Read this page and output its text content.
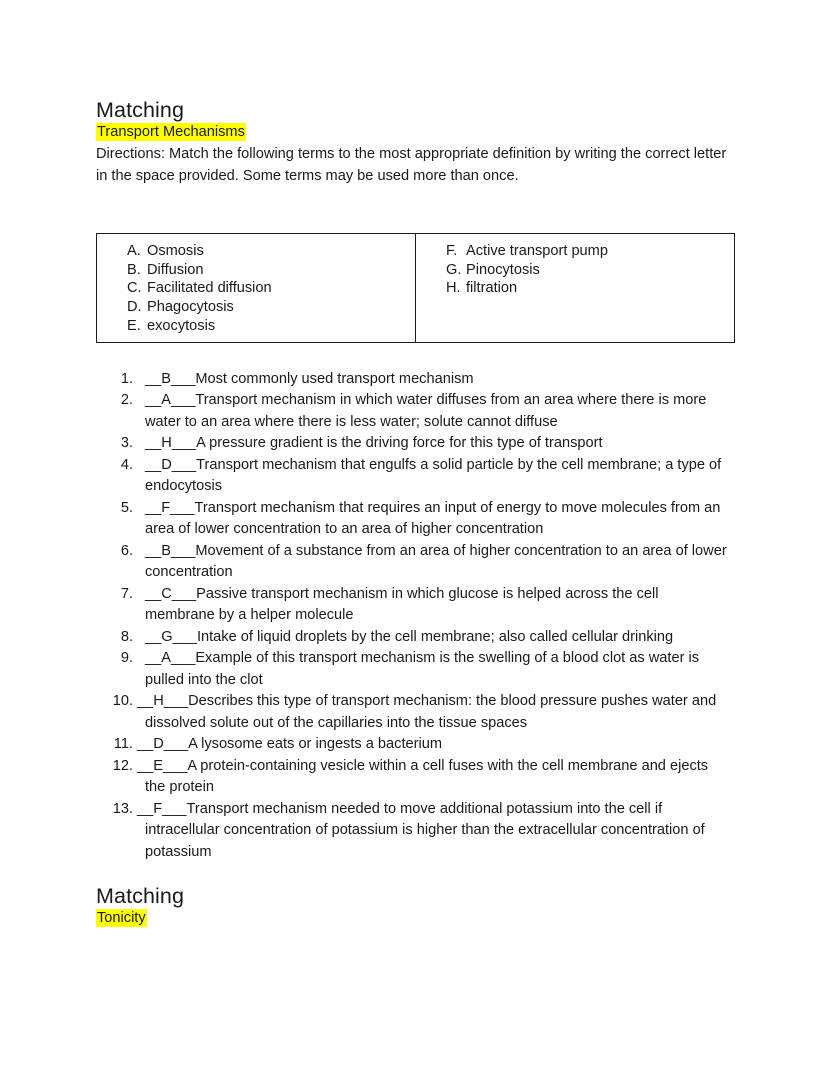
Matching

Transport Mechanisms

Directions: Match the following terms to the most appropriate definition by writing the correct letter in the space provided. Some terms may be used more than once.

A. Osmosis
B. Diffusion
C. Facilitated diffusion
D. Phagocytosis
E. exocytosis

F. Active transport pump
G. Pinocytosis
H. filtration
1. __B___Most commonly used transport mechanism
2. __A___Transport mechanism in which water diffuses from an area where there is more water to an area where there is less water; solute cannot diffuse
3. __H___A pressure gradient is the driving force for this type of transport
4. __D___Transport mechanism that engulfs a solid particle by the cell membrane; a type of endocytosis
5. __F___Transport mechanism that requires an input of energy to move molecules from an area of lower concentration to an area of higher concentration
6. __B___Movement of a substance from an area of higher concentration to an area of lower concentration
7. __C___Passive transport mechanism in which glucose is helped across the cell membrane by a helper molecule
8. __G___Intake of liquid droplets by the cell membrane; also called cellular drinking
9. __A___Example of this transport mechanism is the swelling of a blood clot as water is pulled into the clot
10. __H___Describes this type of transport mechanism: the blood pressure pushes water and dissolved solute out of the capillaries into the tissue spaces
11. __D___A lysosome eats or ingests a bacterium
12. __E___A protein-containing vesicle within a cell fuses with the cell membrane and ejects the protein
13. __F___Transport mechanism needed to move additional potassium into the cell if intracellular concentration of potassium is higher than the extracellular concentration of potassium
Matching

Tonicity
